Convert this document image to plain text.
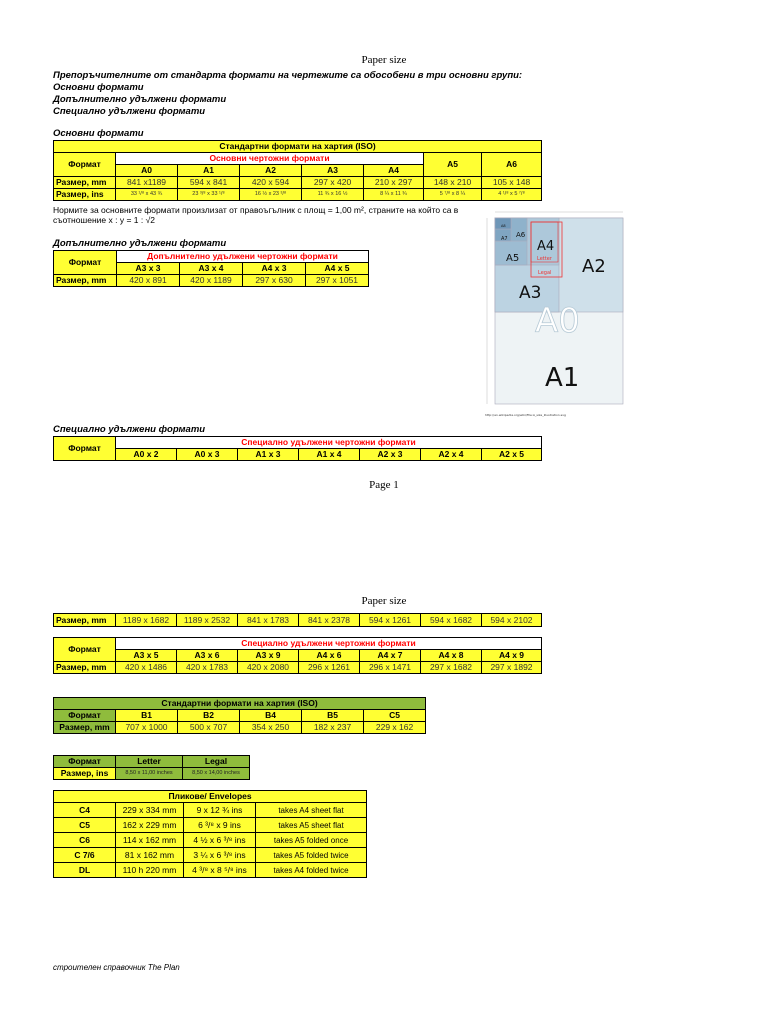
Paper size
Препоръчителните от стандарта формати на чертежите са обособени в три основни групи:
Основни формати
Допълнително удължени формати
Специално удължени формати
Основни формати
Стандартни формати на хартия (ISO)							
Формат	Основни чертожни формати					A5	A6
	A0	A1	A2	A3	A4		
Размер, mm	841 x1189	594 x 841	420 x 594	297 x 420	210 x 297	148 x 210	105 x 148
Размер, ins	33 ¹/⁸ x 43 ¾	23 ³/⁸ x 33 ¹/⁸	16 ½ x 23 ³/⁸	11 ¾ x 16 ½	8 ¼ x 11 ¾	5 ⁷/⁸ x 8 ¼	4 ¹/⁸ x 5 ⁷/⁸
Нормите за основните формати произлизат от правоъгълник с площ = 1,00 m², страните на който са в съотношение x : y = 1 : √2
Допълнително удължени формати
Формат	Допълнително удължени чертожни формати			
	A3 x 3	A3 x 4	A4 x 3	A4 x 5
Размер, mm	420 x 891	420 x 1189	297 x 630	297 x 1051
A1
A2
A0
A3
A4
A5
A6
A7
A8
Letter
Legal
http://en.wikipedia.org/wiki/File:A_size_illustration.svg
Специално удължени формати
Формат	Специално удължени чертожни формати						
	A0 x 2	A0 x 3	A1 x 3	A1 x 4	A2 x 3	A2 x 4	A2 x 5
Page 1
Paper size
Размер, mm	1189 x 1682	1189 x 2532	841 x 1783	841 x 2378	594 x 1261	594 x 1682	594 x 2102
Формат	Специално удължени чертожни формати						
	A3 x 5	A3 x 6	A3 x 9	A4 x 6	A4 x 7	A4 x 8	A4 x 9
Размер, mm	420 x 1486	420 x 1783	420 x 2080	296 x 1261	296 x 1471	297 x 1682	297 x 1892
Стандартни формати на хартия (ISO)					
Формат	B1	B2	B4	B5	C5
Размер, mm	707 x 1000	500 x 707	354 x 250	182 x 237	229 x 162
Формат	Letter	Legal
Размер, ins	8,50 x 11,00 inches	8,50 x 14,00 inches
Пликове/ Envelopes			
C4	229 x 334 mm	9 x 12 ¾ ins	takes A4 sheet flat
C5	162 x 229 mm	6 ³/⁸ x 9 ins	takes A5 sheet flat
C6	114 x 162 mm	4 ½ x 6 ³/⁸ ins	takes A5 folded once
C 7/6	81 x 162 mm	3 ¼ x 6 ³/⁸ ins	takes A5 folded twice
DL	110 h 220 mm	4 ³/⁸ x 8 ⁵/⁸ ins	takes A4 folded twice
строителен справочник The Plan
